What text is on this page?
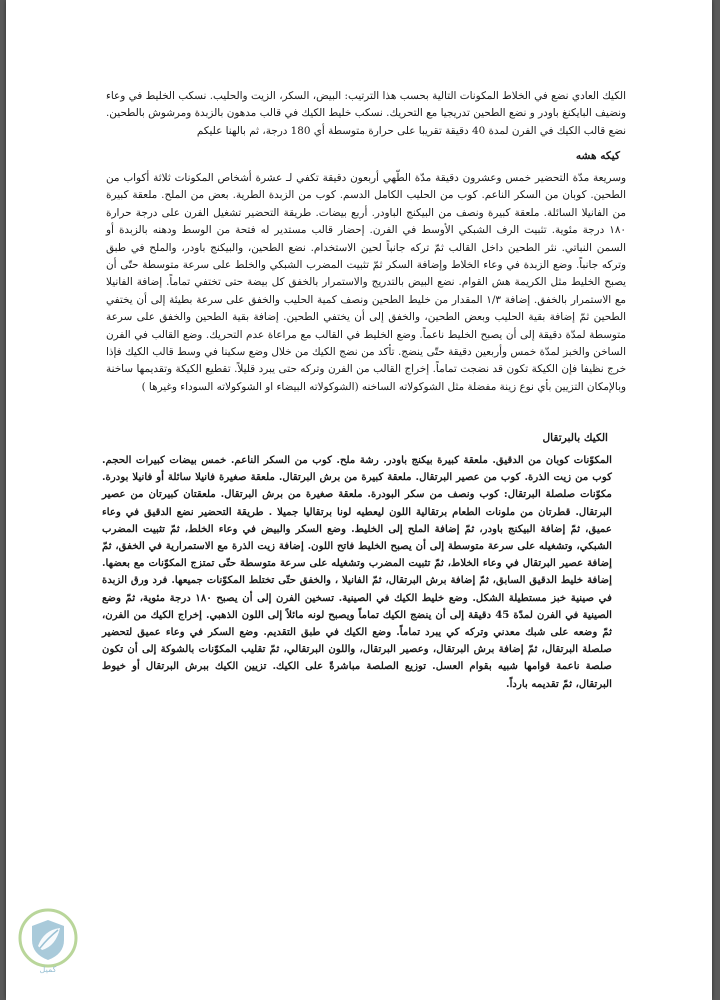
الكيك العادي نضع في الخلاط المكونات التالية بحسب هذا الترتيب: البيض، السكر، الزيت والحليب. نسكب الخليط في وعاء ونضيف البايكنغ باودر و نضع الطحين تدريجيا مع التحريك. نسكب خليط الكيك في قالب مدهون بالزبدة ومرشوش بالطحين. نضع قالب الكيك في الفرن لمدة 40 دقيقة تقريبا على حرارة متوسطة أي 180 درجة، ثم بالهنا عليكم
كيكه هشه
وسريعة مدّة التحضير خمس وعشرون دقيقة مدّة الطّهي أربعون دقيقة تكفي لـ عشرة أشخاص المكونات ثلاثة أكواب من الطحين. كوبان من السكر الناعم. كوب من الحليب الكامل الدسم. كوب من الزبدة الطرية. بعض من الملح. ملعقة كبيرة من الفانيلا السائلة. ملعقة كبيرة ونصف من البيكنج الباودر. أربع بيضات. طريقة التحضير تشغيل الفرن على درجة حرارة ١٨٠ درجة مئوية. تثبيت الرف الشبكي الأوسط في الفرن. إحضار قالب مستدير له فتحة من الوسط ودهنه بالزبدة أو السمن النباتي. نثر الطحين داخل القالب ثمّ تركه جانباً لحين الاستخدام. نضع الطحين، والبيكنج باودر، والملح في طبق وتركه جانباً. وضع الزبدة في وعاء الخلاط وإضافة السكر ثمّ تثبيت المضرب الشبكي والخلط على سرعة متوسطة حتّى أن يصبح الخليط مثل الكريمة هش القوام. نضع البيض بالتدريج والاستمرار بالخفق كل بيضة حتى تختفي تماماً. إضافة الفانيلا مع الاستمرار بالخفق. إضافة ١/٣ المقدار من خليط الطحين ونصف كمية الحليب والخفق على سرعة بطيئة إلى أن يختفي الطحين ثمّ إضافة بقية الحليب وبعض الطحين، والخفق إلى أن يختفي الطحين. إضافة بقية الطحين والخفق على سرعة متوسطة لمدّة دقيقة إلى أن يصبح الخليط ناعماً. وضع الخليط في القالب مع مراعاة عدم التحريك. وضع القالب في الفرن الساخن والخبز لمدّة خمس وأربعين دقيقة حتّى ينضج. تأكد من نضج الكيك من خلال وضع سكينا في وسط قالب الكيك فإذا خرج نظيفا فإن الكيكة تكون قد نضجت تماماً. إخراج القالب من الفرن وتركه حتى يبرد قليلاً. تقطيع الكيكة وتقديمها ساخنة وبالإمكان التزيين بأي نوع زينة مفضلة مثل الشوكولاته الساخنه (الشوكولاته البيضاء او الشوكولاته السوداء وغيرها )
الكيك بالبرتقال
المكوّنات كوبان من الدقيق. ملعقة كبيرة بيكنج باودر. رشة ملح. كوب من السكر الناعم. خمس بيضات كبيرات الحجم. كوب من زيت الذرة. كوب من عصير البرتقال. ملعقة كبيرة من برش البرتقال. ملعقة صغيرة فانيلا سائلة أو فانيلا بودرة. مكوّنات صلصلة البرتقال: كوب ونصف من سكر البودرة. ملعقة صغيرة من برش البرتقال. ملعقتان كبيرتان من عصير البرتقال. قطرتان من ملونات الطعام برتقالية اللون ليعطيه لونا برتقاليا جميلا . طريقة التحضير نضع الدقيق في وعاء عميق، ثمّ إضافة البيكنج باودر، ثمّ إضافة الملح إلى الخليط. وضع السكر والبيض في وعاء الخلط، ثمّ تثبيت المضرب الشبكي، وتشغيله على سرعة متوسطة إلى أن يصبح الخليط فاتح اللون. إضافة زيت الذرة مع الاستمرارية في الخفق، ثمّ إضافة عصير البرتقال في وعاء الخلاط، ثمّ تثبيت المضرب وتشغيله على سرعة متوسطة حتّى تمتزج المكوّنات مع بعضها. إضافة خليط الدقيق السابق، ثمّ إضافة برش البرتقال، ثمّ الفانيلا ، والخفق حتّى تختلط المكوّنات جميعها. فرد ورق الزبدة في صينية خبز مستطيلة الشكل. وضع خليط الكيك في الصينية. تسخين الفرن إلى أن يصبح ١٨٠ درجة مئوية، ثمّ وضع الصينية في الفرن لمدّة 45 دقيقة إلى أن ينضج الكيك تماماً ويصبح لونه مائلاً إلى اللون الذهبي. إخراج الكيك من الفرن، ثمّ وضعه على شبك معدني وتركه كي يبرد تماماً. وضع الكيك في طبق التقديم. وضع السكر في وعاء عميق لتحضير صلصلة البرتقال، ثمّ إضافة برش البرتقال، وعصير البرتقال، واللون البرتقالي، ثمّ تقليب المكوّنات بالشوكة إلى أن تكون صلصة ناعمة قوامها شبيه بقوام العسل. توزيع الصلصة مباشرةً على الكيك. تزيين الكيك ببرش البرتقال أو خيوط البرتقال، ثمّ تقديمه بارداً.
كميل
